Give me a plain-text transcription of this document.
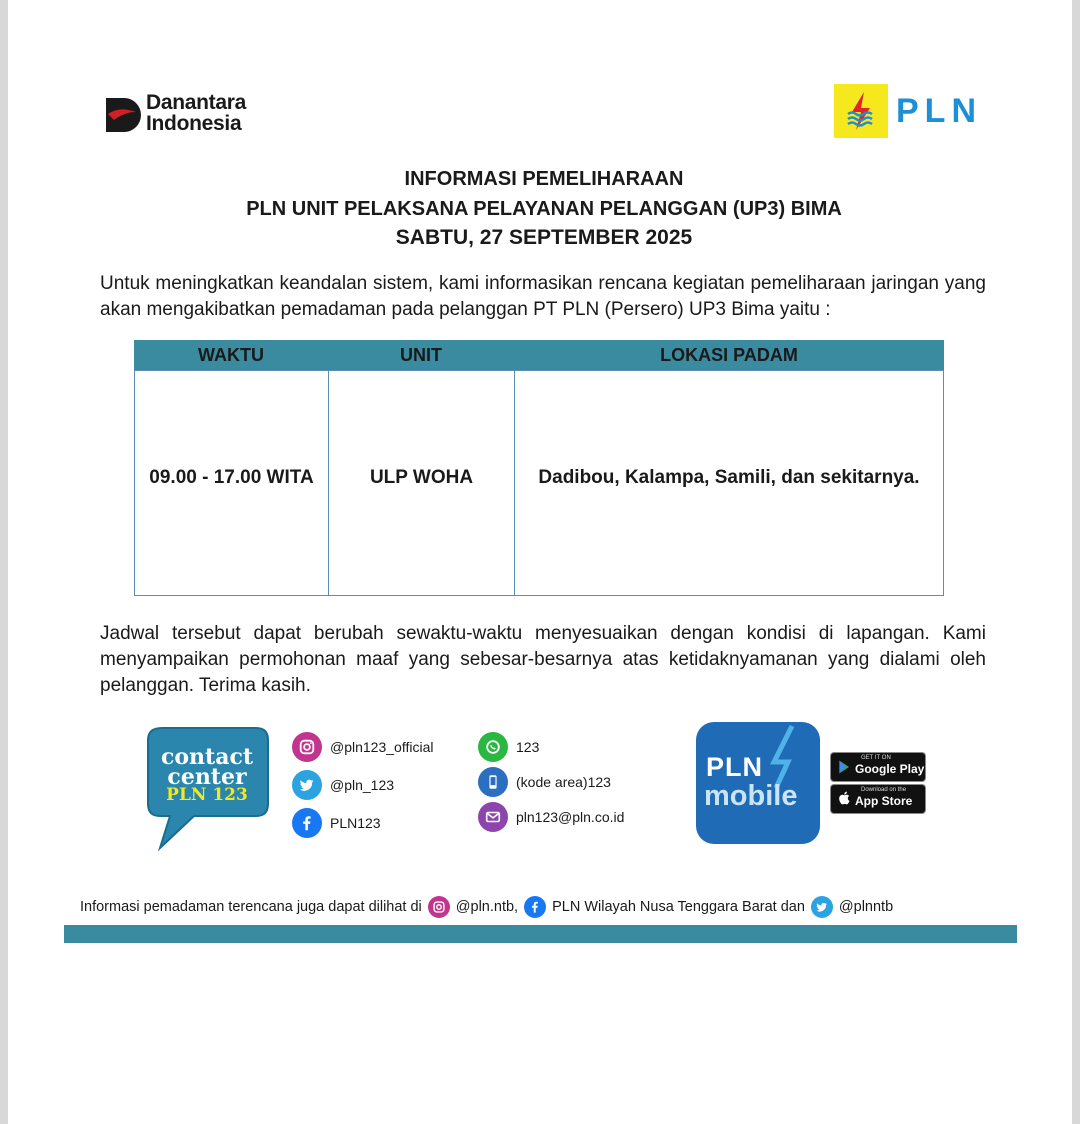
Danantara
Indonesia	PLN
INFORMASI PEMELIHARAAN
PLN UNIT PELAKSANA PELAYANAN PELANGGAN (UP3) BIMA
SABTU, 27 SEPTEMBER 2025
Untuk meningkatkan keandalan sistem, kami informasikan rencana kegiatan pemeliharaan jaringan yang akan mengakibatkan pemadaman pada pelanggan PT PLN (Persero) UP3 Bima yaitu :
WAKTU	UNIT	LOKASI PADAM
09.00 - 17.00 WITA	ULP WOHA	Dadibou, Kalampa, Samili, dan sekitarnya.
Jadwal tersebut dapat berubah sewaktu-waktu menyesuaikan dengan kondisi di lapangan. Kami menyampaikan permohonan maaf yang sebesar-besarnya atas ketidaknyamanan yang dialami oleh pelanggan. Terima kasih.
contact
center
PLN 123
@pln123_official
@pln_123
PLN123
123
(kode area)123
pln123@pln.co.id
PLN
mobile
GET IT ON
Google Play
Download on the
App Store
Informasi pemadaman terencana juga dapat dilihat di @pln.ntb, PLN Wilayah Nusa Tenggara Barat dan @plnntb
